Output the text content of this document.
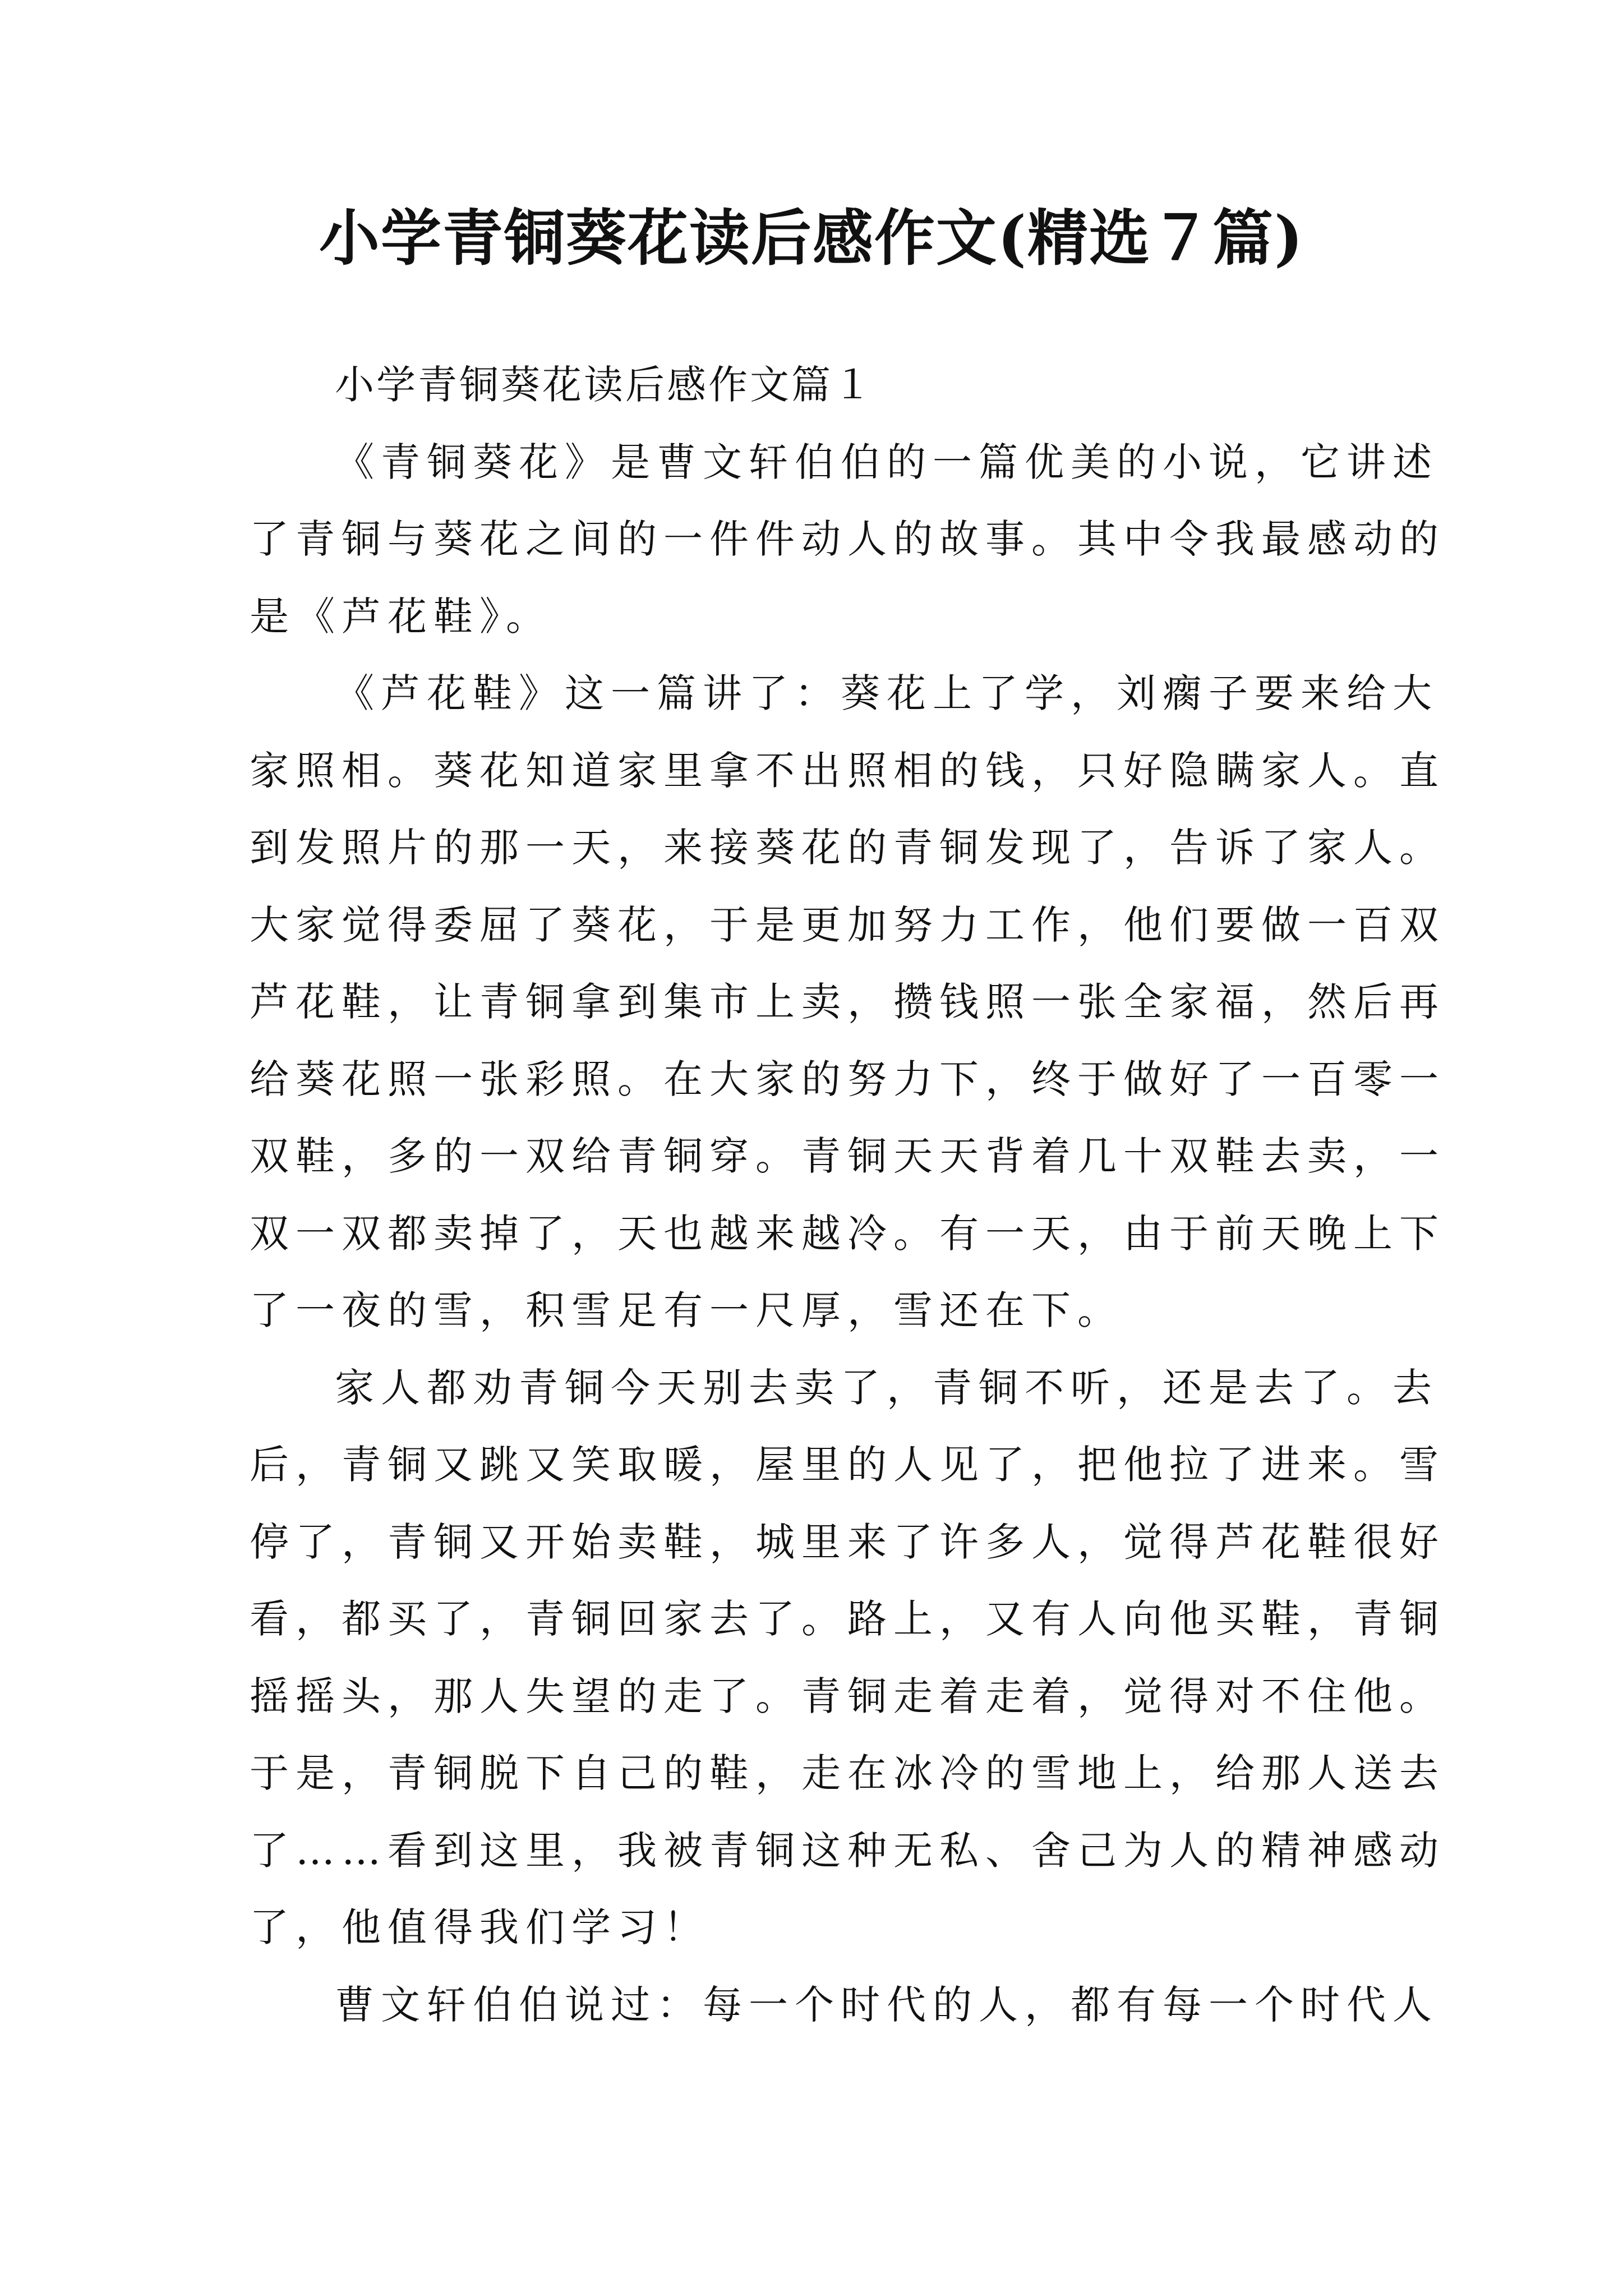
小学青铜葵花读后感作文(精选７篇)
小学青铜葵花读后感作文篇１
《青铜葵花》是曹文轩伯伯的一篇优美的小说，它讲述
了青铜与葵花之间的一件件动人的故事。其中令我最感动的
是《芦花鞋》。
《芦花鞋》这一篇讲了：葵花上了学，刘瘸子要来给大
家照相。葵花知道家里拿不出照相的钱，只好隐瞒家人。直
到发照片的那一天，来接葵花的青铜发现了，告诉了家人。
大家觉得委屈了葵花，于是更加努力工作，他们要做一百双
芦花鞋，让青铜拿到集市上卖，攒钱照一张全家福，然后再
给葵花照一张彩照。在大家的努力下，终于做好了一百零一
双鞋，多的一双给青铜穿。青铜天天背着几十双鞋去卖，一
双一双都卖掉了，天也越来越冷。有一天，由于前天晚上下
了一夜的雪，积雪足有一尺厚，雪还在下。
家人都劝青铜今天别去卖了，青铜不听，还是去了。去
后，青铜又跳又笑取暖，屋里的人见了，把他拉了进来。雪
停了，青铜又开始卖鞋，城里来了许多人，觉得芦花鞋很好
看，都买了，青铜回家去了。路上，又有人向他买鞋，青铜
摇摇头，那人失望的走了。青铜走着走着，觉得对不住他。
于是，青铜脱下自己的鞋，走在冰冷的雪地上，给那人送去
了……看到这里，我被青铜这种无私、舍己为人的精神感动
了，他值得我们学习！
曹文轩伯伯说过：每一个时代的人，都有每一个时代人
